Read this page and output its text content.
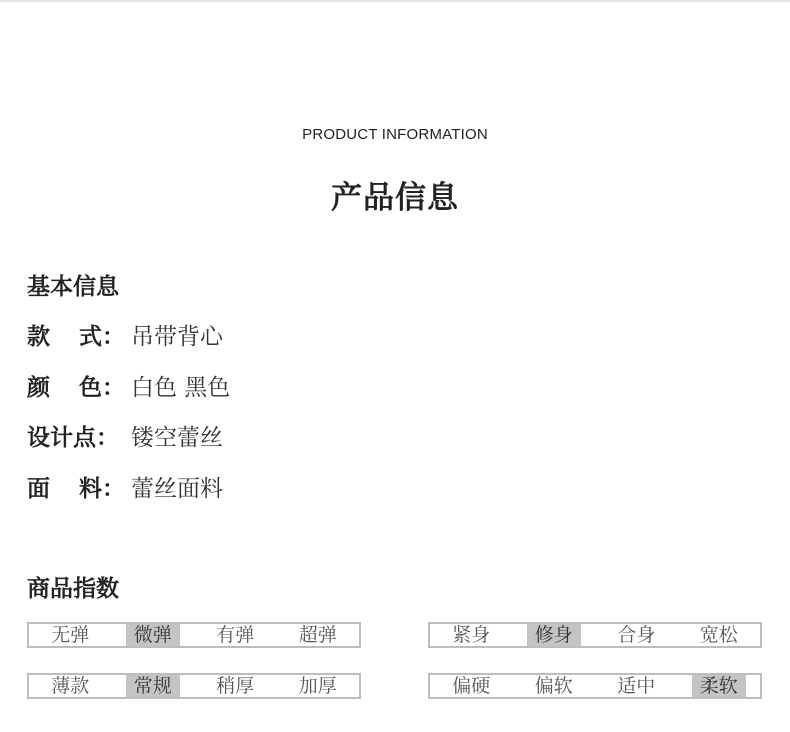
PRODUCT INFORMATION
产品信息
基本信息
款 式： 吊带背心
颜 色： 白色 黑色
设计点： 镂空蕾丝
面 料： 蕾丝面料
商品指数
无弹	微弹	有弹	超弹	紧身	修身	合身	宽松
薄款	常规	稍厚	加厚	偏硬	偏软	适中	柔软
